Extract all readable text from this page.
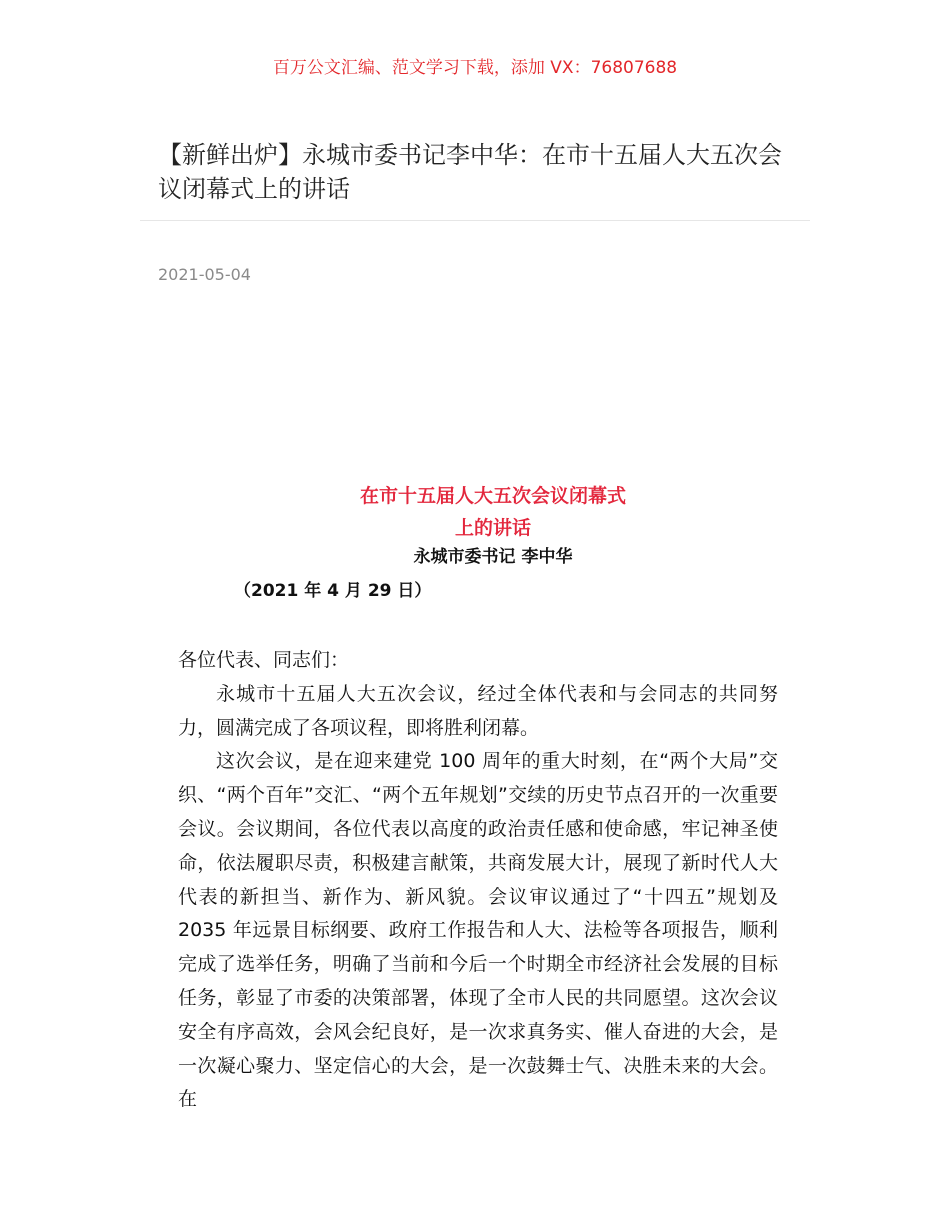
百万公文汇编、范文学习下载，添加 VX：76807688
【新鲜出炉】永城市委书记李中华：在市十五届人大五次会议闭幕式上的讲话
2021-05-04
在市十五届人大五次会议闭幕式
上的讲话
永城市委书记 李中华
（2021 年 4 月 29 日）

各位代表、同志们：

永城市十五届人大五次会议，经过全体代表和与会同志的共同努力，圆满完成了各项议程，即将胜利闭幕。

这次会议，是在迎来建党 100 周年的重大时刻，在“两个大局”交织、“两个百年”交汇、“两个五年规划”交续的历史节点召开的一次重要会议。会议期间，各位代表以高度的政治责任感和使命感，牢记神圣使命，依法履职尽责，积极建言献策，共商发展大计，展现了新时代人大代表的新担当、新作为、新风貌。会议审议通过了“十四五”规划及 2035 年远景目标纲要、政府工作报告和人大、法检等各项报告，顺利完成了选举任务，明确了当前和今后一个时期全市经济社会发展的目标任务，彰显了市委的决策部署，体现了全市人民的共同愿望。这次会议安全有序高效，会风会纪良好，是一次求真务实、催人奋进的大会，是一次凝心聚力、坚定信心的大会，是一次鼓舞士气、决胜未来的大会。在
